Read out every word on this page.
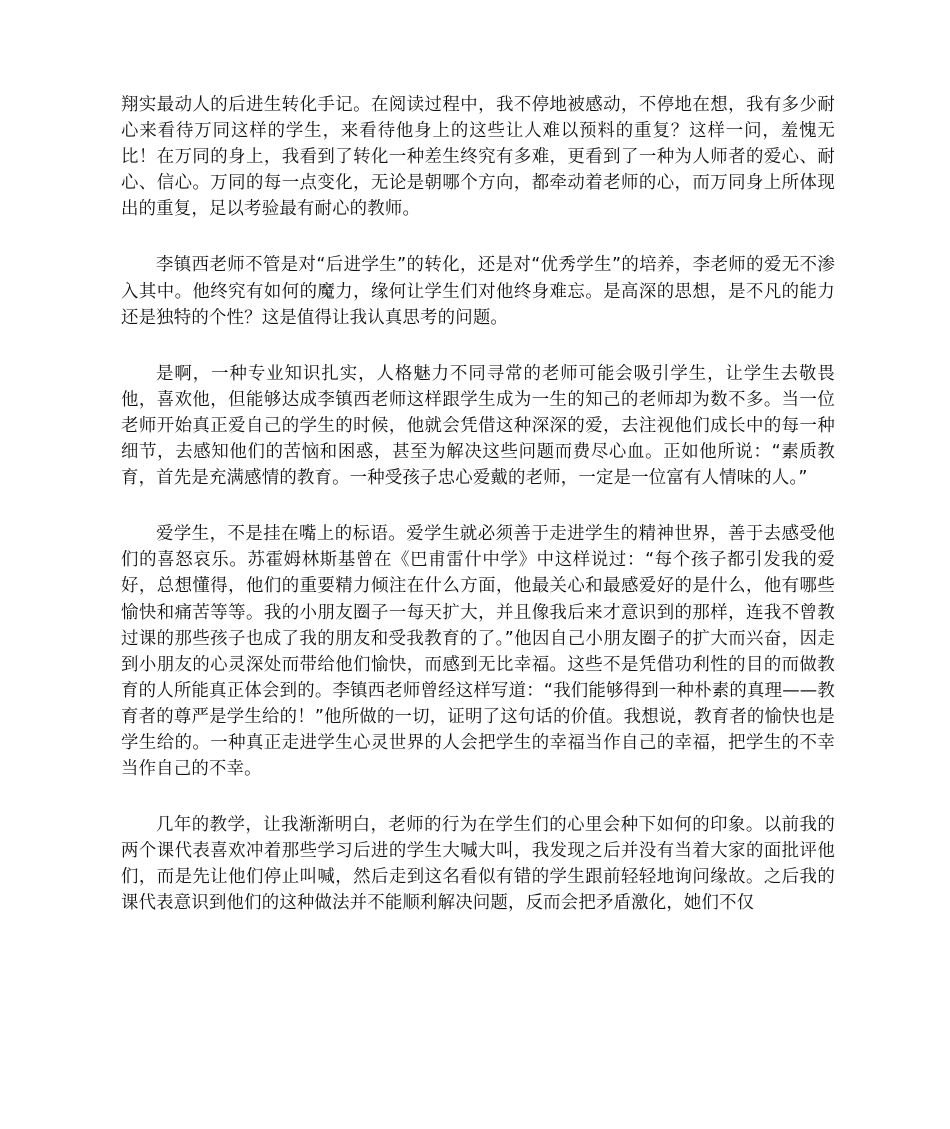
翔实最动人的后进生转化手记。在阅读过程中，我不停地被感动，不停地在想，我有多少耐心来看待万同这样的学生，来看待他身上的这些让人难以预料的重复？这样一问，羞愧无比！在万同的身上，我看到了转化一种差生终究有多难，更看到了一种为人师者的爱心、耐心、信心。万同的每一点变化，无论是朝哪个方向，都牵动着老师的心，而万同身上所体现出的重复，足以考验最有耐心的教师。

李镇西老师不管是对“后进学生”的转化，还是对“优秀学生”的培养，李老师的爱无不渗入其中。他终究有如何的魔力，缘何让学生们对他终身难忘。是高深的思想，是不凡的能力还是独特的个性？这是值得让我认真思考的问题。

是啊，一种专业知识扎实，人格魅力不同寻常的老师可能会吸引学生，让学生去敬畏他，喜欢他，但能够达成李镇西老师这样跟学生成为一生的知己的老师却为数不多。当一位老师开始真正爱自己的学生的时候，他就会凭借这种深深的爱，去注视他们成长中的每一种细节，去感知他们的苦恼和困惑，甚至为解决这些问题而费尽心血。正如他所说：“素质教育，首先是充满感情的教育。一种受孩子忠心爱戴的老师，一定是一位富有人情味的人。”

爱学生，不是挂在嘴上的标语。爱学生就必须善于走进学生的精神世界，善于去感受他们的喜怒哀乐。苏霍姆林斯基曾在《巴甫雷什中学》中这样说过：“每个孩子都引发我的爱好，总想懂得，他们的重要精力倾注在什么方面，他最关心和最感爱好的是什么，他有哪些愉快和痛苦等等。我的小朋友圈子一每天扩大，并且像我后来才意识到的那样，连我不曾教过课的那些孩子也成了我的朋友和受我教育的了。”他因自己小朋友圈子的扩大而兴奋，因走到小朋友的心灵深处而带给他们愉快，而感到无比幸福。这些不是凭借功利性的目的而做教育的人所能真正体会到的。李镇西老师曾经这样写道：“我们能够得到一种朴素的真理——教育者的尊严是学生给的！”他所做的一切，证明了这句话的价值。我想说，教育者的愉快也是学生给的。一种真正走进学生心灵世界的人会把学生的幸福当作自己的幸福，把学生的不幸当作自己的不幸。

几年的教学，让我渐渐明白，老师的行为在学生们的心里会种下如何的印象。以前我的两个课代表喜欢冲着那些学习后进的学生大喊大叫，我发现之后并没有当着大家的面批评他们，而是先让他们停止叫喊，然后走到这名看似有错的学生跟前轻轻地询问缘故。之后我的课代表意识到他们的这种做法并不能顺利解决问题，反而会把矛盾激化，她们不仅
